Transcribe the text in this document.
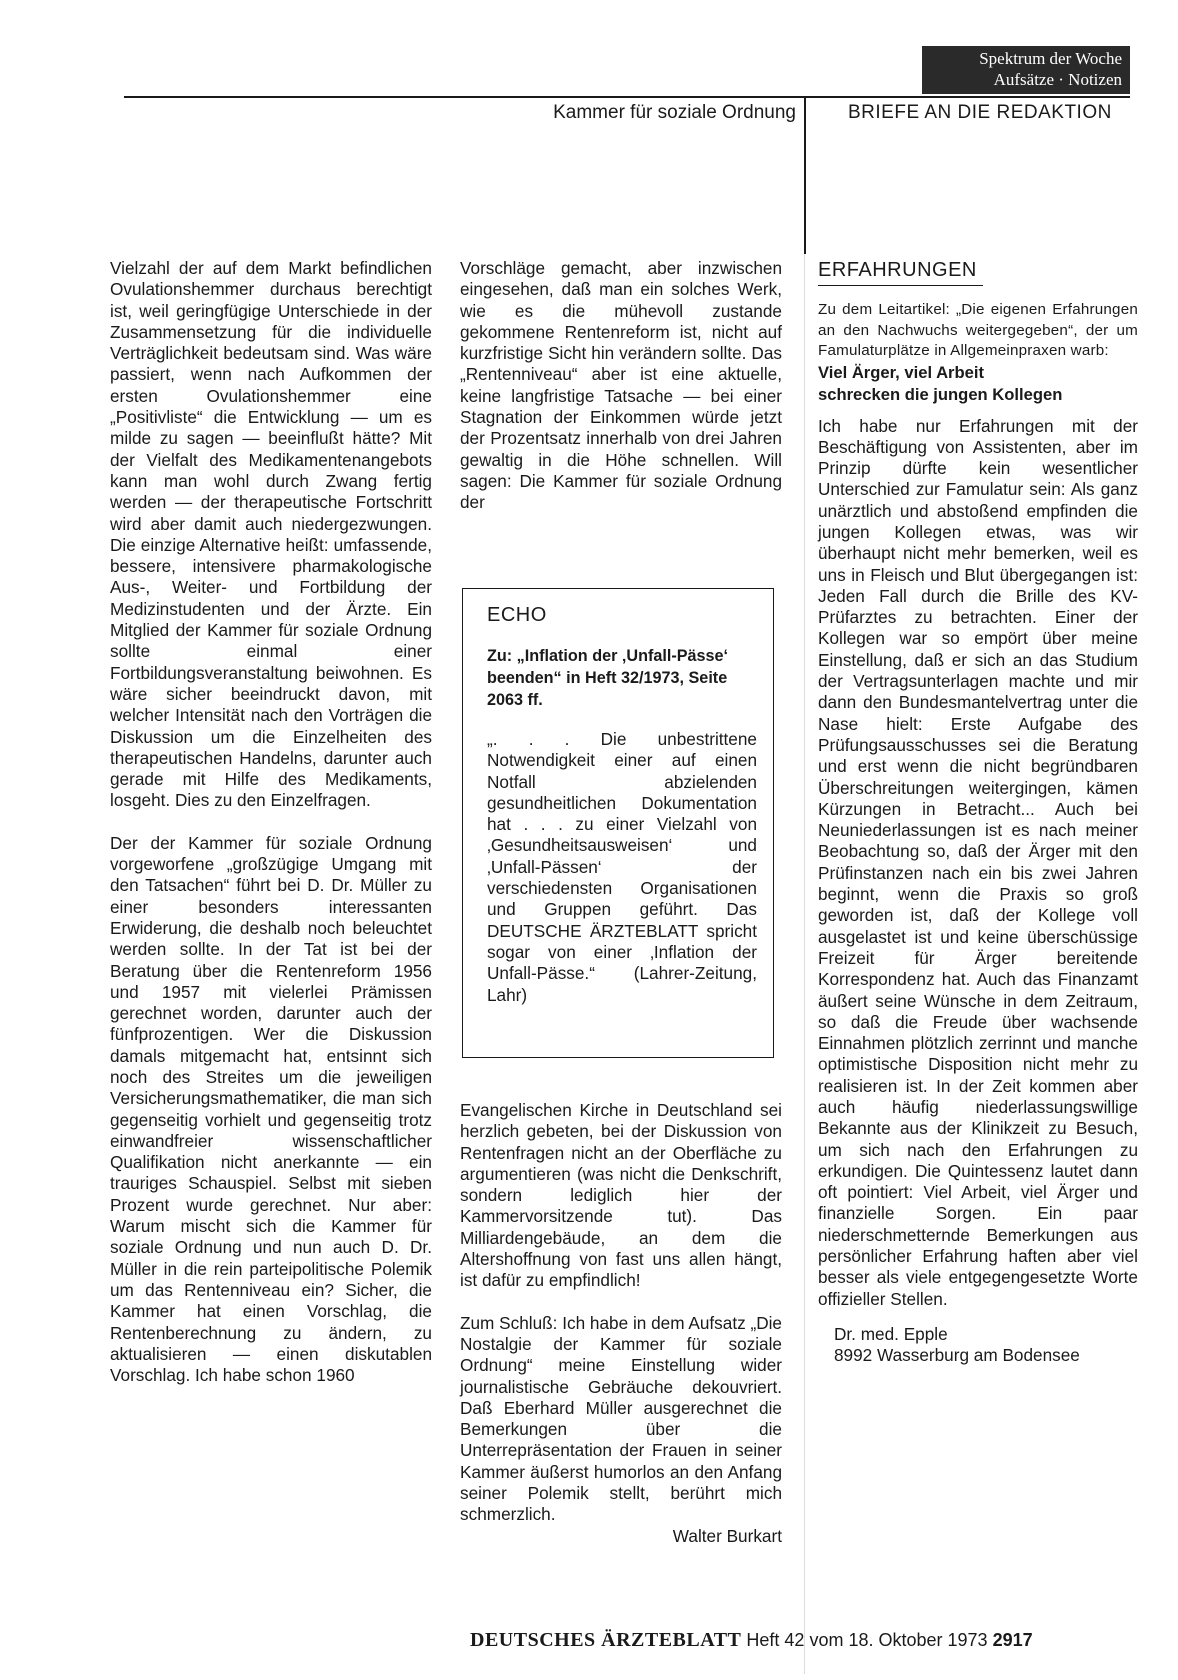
Spektrum der Woche
Aufsätze · Notizen
Kammer für soziale Ordnung	BRIEFE AN DIE REDAKTION

Vielzahl der auf dem Markt befindlichen Ovulationshemmer durchaus berechtigt ist, weil geringfügige Unterschiede in der Zusammensetzung für die individuelle Verträglichkeit bedeutsam sind. Was wäre passiert, wenn nach Aufkommen der ersten Ovulationshemmer eine „Positivliste“ die Entwicklung — um es milde zu sagen — beeinflußt hätte? Mit der Vielfalt des Medikamentenangebots kann man wohl durch Zwang fertig werden — der therapeutische Fortschritt wird aber damit auch niedergezwungen. Die einzige Alternative heißt: umfassende, bessere, intensivere pharmakologische Aus-, Weiter- und Fortbildung der Medizinstudenten und der Ärzte. Ein Mitglied der Kammer für soziale Ordnung sollte einmal einer Fortbildungsveranstaltung beiwohnen. Es wäre sicher beeindruckt davon, mit welcher Intensität nach den Vorträgen die Diskussion um die Einzelheiten des therapeutischen Handelns, darunter auch gerade mit Hilfe des Medikaments, losgeht. Dies zu den Einzelfragen.

Der der Kammer für soziale Ordnung vorgeworfene „großzügige Umgang mit den Tatsachen“ führt bei D. Dr. Müller zu einer besonders interessanten Erwiderung, die deshalb noch beleuchtet werden sollte. In der Tat ist bei der Beratung über die Rentenreform 1956 und 1957 mit vielerlei Prämissen gerechnet worden, darunter auch der fünfprozentigen. Wer die Diskussion damals mitgemacht hat, entsinnt sich noch des Streites um die jeweiligen Versicherungsmathematiker, die man sich gegenseitig vorhielt und gegenseitig trotz einwandfreier wissenschaftlicher Qualifikation nicht anerkannte — ein trauriges Schauspiel. Selbst mit sieben Prozent wurde gerechnet. Nur aber: Warum mischt sich die Kammer für soziale Ordnung und nun auch D. Dr. Müller in die rein parteipolitische Polemik um das Rentenniveau ein? Sicher, die Kammer hat einen Vorschlag, die Rentenberechnung zu ändern, zu aktualisieren — einen diskutablen Vorschlag. Ich habe schon 1960

Vorschläge gemacht, aber inzwischen eingesehen, daß man ein solches Werk, wie es die mühevoll zustande gekommene Rentenreform ist, nicht auf kurzfristige Sicht hin verändern sollte. Das „Rentenniveau“ aber ist eine aktuelle, keine langfristige Tatsache — bei einer Stagnation der Einkommen würde jetzt der Prozentsatz innerhalb von drei Jahren gewaltig in die Höhe schnellen. Will sagen: Die Kammer für soziale Ordnung der

ECHO
Zu: „Inflation der ‚Unfall-Pässe‘ beenden“ in Heft 32/1973, Seite 2063 ff.
„. . . Die unbestrittene Notwendigkeit einer auf einen Notfall abzielenden gesundheitlichen Dokumentation hat . . . zu einer Vielzahl von ‚Gesundheitsausweisen‘ und ‚Unfall-Pässen‘ der verschiedensten Organisationen und Gruppen geführt. Das DEUTSCHE ÄRZTEBLATT spricht sogar von einer ‚Inflation der Unfall-Pässe.“ (Lahrer-Zeitung, Lahr)

Evangelischen Kirche in Deutschland sei herzlich gebeten, bei der Diskussion von Rentenfragen nicht an der Oberfläche zu argumentieren (was nicht die Denkschrift, sondern lediglich hier der Kammervorsitzende tut). Das Milliardengebäude, an dem die Altershoffnung von fast uns allen hängt, ist dafür zu empfindlich!

Zum Schluß: Ich habe in dem Aufsatz „Die Nostalgie der Kammer für soziale Ordnung“ meine Einstellung wider journalistische Gebräuche dekouvriert. Daß Eberhard Müller ausgerechnet die Bemerkungen über die Unterrepräsentation der Frauen in seiner Kammer äußerst humorlos an den Anfang seiner Polemik stellt, berührt mich schmerzlich.

Walter Burkart
ERFAHRUNGEN

Zu dem Leitartikel: „Die eigenen Erfahrungen an den Nachwuchs weitergegeben“, der um Famulaturplätze in Allgemeinpraxen warb:

Viel Ärger, viel Arbeit
schrecken die jungen Kollegen

Ich habe nur Erfahrungen mit der Beschäftigung von Assistenten, aber im Prinzip dürfte kein wesentlicher Unterschied zur Famulatur sein: Als ganz unärztlich und abstoßend empfinden die jungen Kollegen etwas, was wir überhaupt nicht mehr bemerken, weil es uns in Fleisch und Blut übergegangen ist: Jeden Fall durch die Brille des KV-Prüfarztes zu betrachten. Einer der Kollegen war so empört über meine Einstellung, daß er sich an das Studium der Vertragsunterlagen machte und mir dann den Bundesmantelvertrag unter die Nase hielt: Erste Aufgabe des Prüfungsausschusses sei die Beratung und erst wenn die nicht begründbaren Überschreitungen weitergingen, kämen Kürzungen in Betracht... Auch bei Neuniederlassungen ist es nach meiner Beobachtung so, daß der Ärger mit den Prüfinstanzen nach ein bis zwei Jahren beginnt, wenn die Praxis so groß geworden ist, daß der Kollege voll ausgelastet ist und keine überschüssige Freizeit für Ärger bereitende Korrespondenz hat. Auch das Finanzamt äußert seine Wünsche in dem Zeitraum, so daß die Freude über wachsende Einnahmen plötzlich zerrinnt und manche optimistische Disposition nicht mehr zu realisieren ist. In der Zeit kommen aber auch häufig niederlassungswillige Bekannte aus der Klinikzeit zu Besuch, um sich nach den Erfahrungen zu erkundigen. Die Quintessenz lautet dann oft pointiert: Viel Arbeit, viel Ärger und finanzielle Sorgen. Ein paar niederschmetternde Bemerkungen aus persönlicher Erfahrung haften aber viel besser als viele entgegengesetzte Worte offizieller Stellen.

Dr. med. Epple
8992 Wasserburg am Bodensee
DEUTSCHES ÄRZTEBLATT Heft 42 vom 18. Oktober 1973 2917
